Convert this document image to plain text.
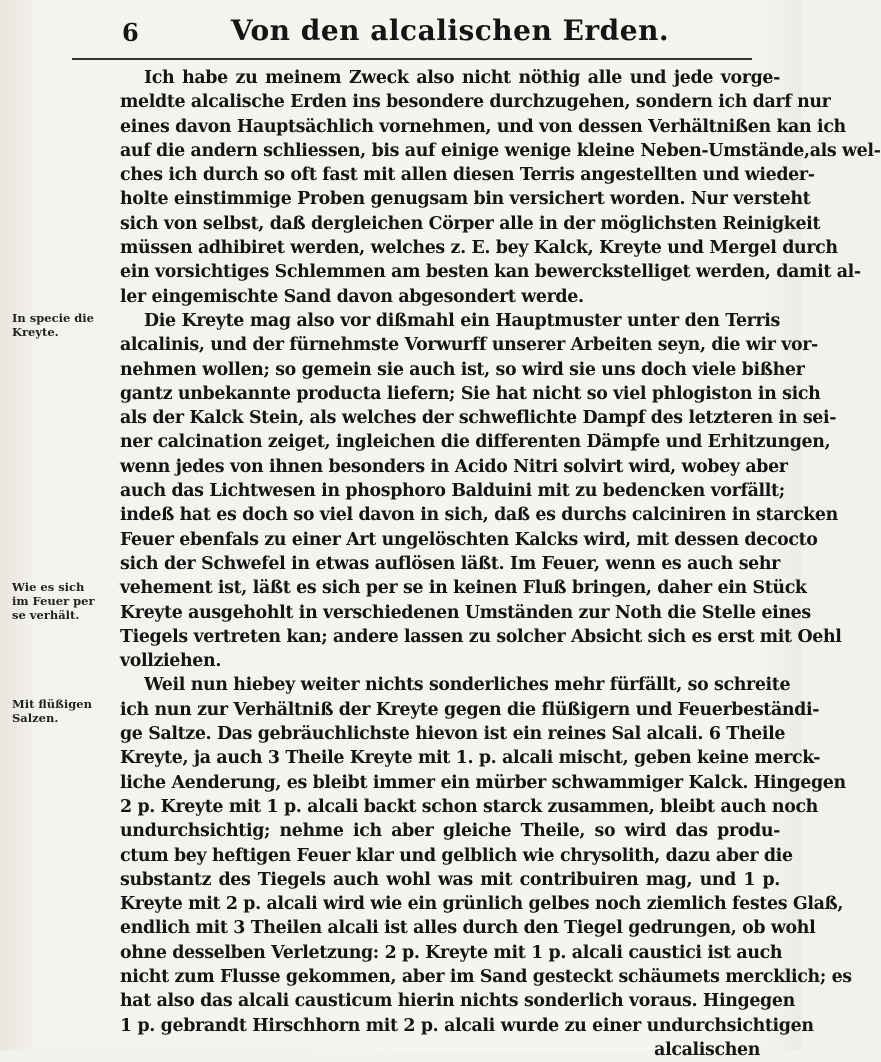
6	Von den alcalischen Erden.
In specie die
Kreyte.
Wie es sich
im Feuer per
se verhält.
Mit flüßigen
Salzen.
Ich habe zu meinem Zweck also nicht nöthig alle und jede vorge-
meldte alcalische Erden ins besondere durchzugehen, sondern ich darf nur
eines davon Hauptsächlich vornehmen, und von dessen Verhältnißen kan ich
auf die andern schliessen, bis auf einige wenige kleine Neben-Umständе,als wel-
ches ich durch so oft fast mit allen diesen Terris angestellten und wieder-
holte einstimmige Proben genugsam bin versichert worden. Nur versteht
sich von selbst, daß dergleichen Cörper alle in der möglichsten Reinigkeit
müssen adhibiret werden, welches z. E. bey Kalck, Kreyte und Mergel durch
ein vorsichtiges Schlemmen am besten kan bewerckstelliget werden, damit al-
ler eingemischte Sand davon abgesondert werde.
Die Kreyte mag also vor dißmahl ein Hauptmuster unter den Terris
alcalinis, und der fürnehmste Vorwurff unserer Arbeiten seyn, die wir vor-
nehmen wollen; so gemein sie auch ist, so wird sie uns doch viele bißher
gantz unbekannte producta liefern; Sie hat nicht so viel phlogiston in sich
als der Kalck Stein, als welches der schweflichte Dampf des letzteren in sei-
ner calcination zeiget, ingleichen die differenten Dämpfe und Erhitzungen,
wenn jedes von ihnen besonders in Acido Nitri solvirt wird, wobey aber
auch das Lichtwesen in phosphoro Balduini mit zu bedencken vorfällt;
indeß hat es doch so viel davon in sich, daß es durchs calciniren in starcken
Feuer ebenfals zu einer Art ungelöschten Kalcks wird, mit dessen decocto
sich der Schwefel in etwas auflösen läßt. Im Feuer, wenn es auch sehr
vehement ist, läßt es sich per se in keinen Fluß bringen, daher ein Stück
Kreyte ausgehohlt in verschiedenen Umständen zur Noth die Stelle eines
Tiegels vertreten kan; andere lassen zu solcher Absicht sich es erst mit Oehl
vollziehen.
Weil nun hiebey weiter nichts sonderliches mehr fürfällt, so schreite
ich nun zur Verhältniß der Kreyte gegen die flüßigern und Feuerbeständi-
ge Saltze. Das gebräuchlichste hievon ist ein reines Sal alcali. 6 Theile
Kreyte, ja auch 3 Theile Kreyte mit 1. p. alcali mischt, geben keine merck-
liche Aenderung, es bleibt immer ein mürber schwammiger Kalck. Hingegen
2 p. Kreyte mit 1 p. alcali backt schon starck zusammen, bleibt auch noch
undurchsichtig; nehme ich aber gleiche Theile, so wird das produ-
ctum bey heftigen Feuer klar und gelblich wie chrysolith, dazu aber die
substantz des Tiegels auch wohl was mit contribuiren mag, und 1 p.
Kreyte mit 2 p. alcali wird wie ein grünlich gelbes noch ziemlich festes Glaß,
endlich mit 3 Theilen alcali ist alles durch den Tiegel gedrungen, ob wohl
ohne desselben Verletzung: 2 p. Kreyte mit 1 p. alcali caustici ist auch
nicht zum Flusse gekommen, aber im Sand gesteckt schäumets mercklich; es
hat also das alcali causticum hierin nichts sonderlich voraus. Hingegen
1 p. gebrandt Hirschhorn mit 2 p. alcali wurde zu einer undurchsichtigen
alcalischen
